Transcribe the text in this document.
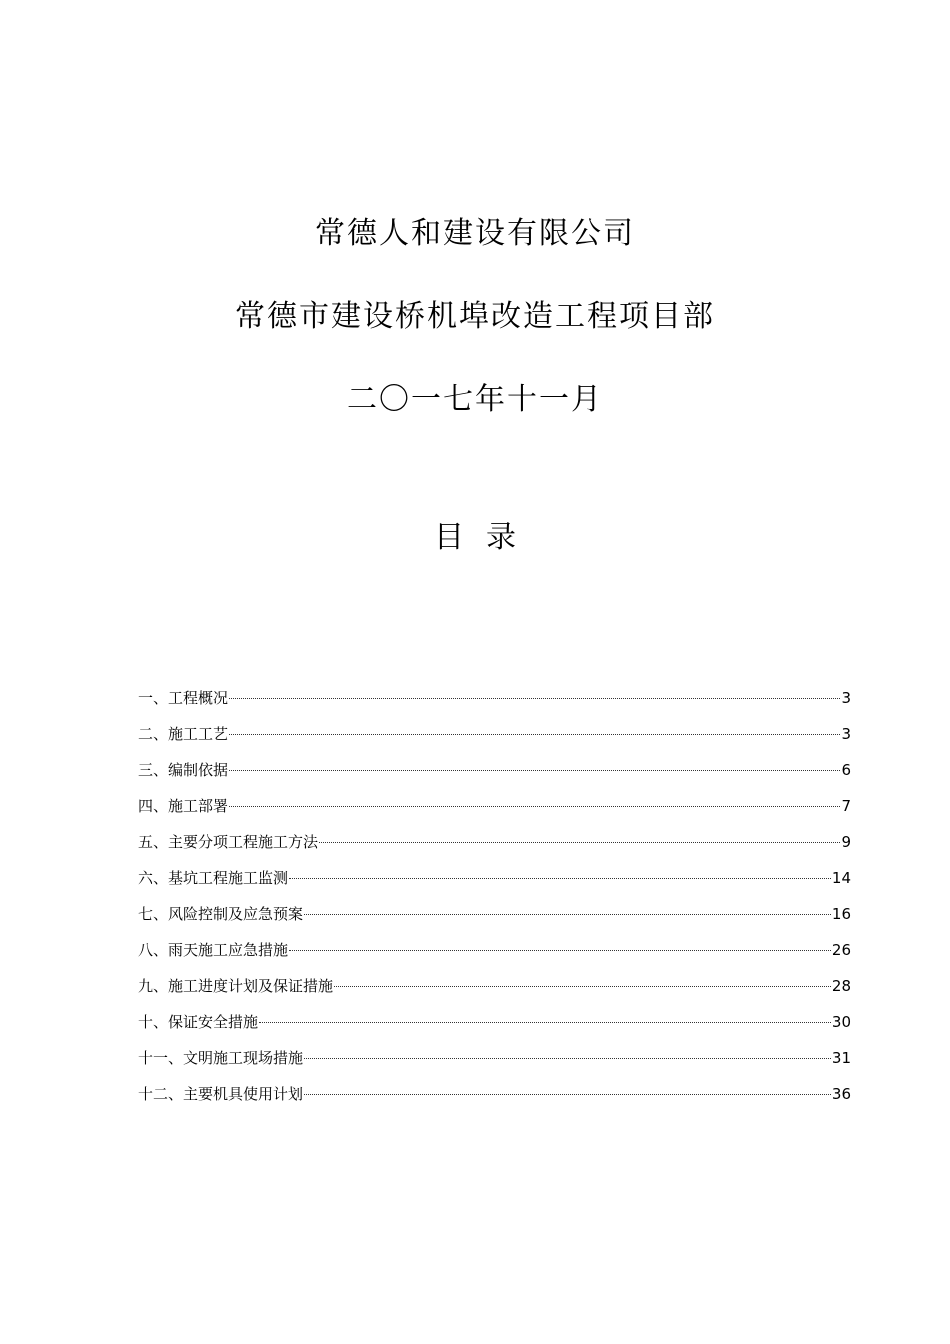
常德人和建设有限公司
常德市建设桥机埠改造工程项目部
二〇一七年十一月
目录
一、工程概况	3
二、施工工艺	3
三、编制依据	6
四、施工部署	7
五、主要分项工程施工方法	9
六、基坑工程施工监测	14
七、风险控制及应急预案	16
八、雨天施工应急措施	26
九、施工进度计划及保证措施	28
十、保证安全措施	30
十一、文明施工现场措施	31
十二、主要机具使用计划	36
